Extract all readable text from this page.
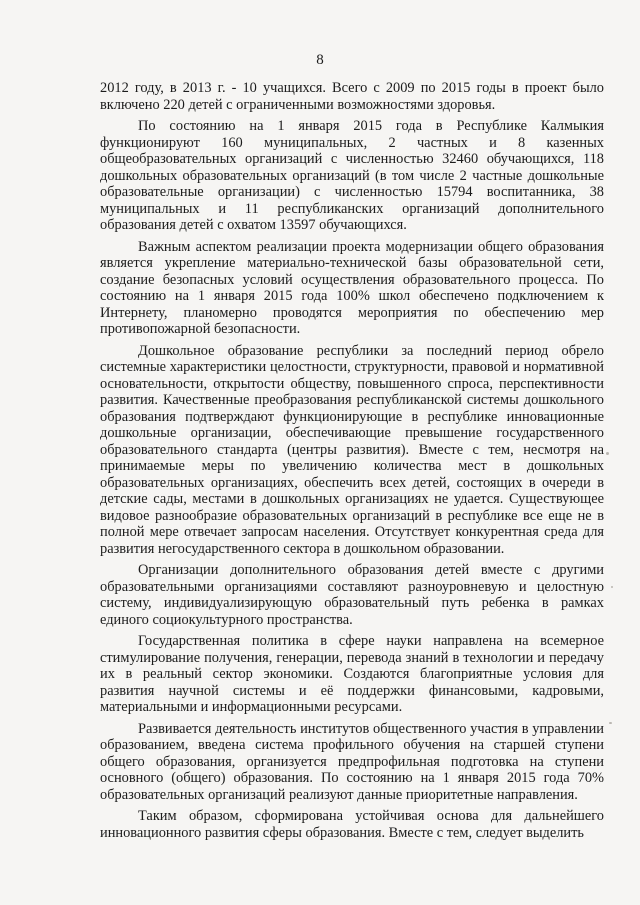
8

2012 году, в 2013 г. - 10 учащихся. Всего с 2009 по 2015 годы в проект было включено 220 детей с ограниченными возможностями здоровья.

По состоянию на 1 января 2015 года в Республике Калмыкия функционируют 160 муниципальных, 2 частных и 8 казенных общеобразовательных организаций с численностью 32460 обучающихся, 118 дошкольных образовательных организаций (в том числе 2 частные дошкольные образовательные организации) с численностью 15794 воспитанника, 38 муниципальных и 11 республиканских организаций дополнительного образования детей с охватом 13597 обучающихся.

Важным аспектом реализации проекта модернизации общего образования является укрепление материально-технической базы образовательной сети, создание безопасных условий осуществления образовательного процесса. По состоянию на 1 января 2015 года 100% школ обеспечено подключением к Интернету, планомерно проводятся мероприятия по обеспечению мер противопожарной безопасности.

Дошкольное образование республики за последний период обрело системные характеристики целостности, структурности, правовой и нормативной основательности, открытости обществу, повышенного спроса, перспективности развития. Качественные преобразования республиканской системы дошкольного образования подтверждают функционирующие в республике инновационные дошкольные организации, обеспечивающие превышение государственного образовательного стандарта (центры развития). Вместе с тем, несмотря на принимаемые меры по увеличению количества мест в дошкольных образовательных организациях, обеспечить всех детей, состоящих в очереди в детские сады, местами в дошкольных организациях не удается. Существующее видовое разнообразие образовательных организаций в республике все еще не в полной мере отвечает запросам населения. Отсутствует конкурентная среда для развития негосударственного сектора в дошкольном образовании.

Организации дополнительного образования детей вместе с другими образовательными организациями составляют разноуровневую и целостную систему, индивидуализирующую образовательный путь ребенка в рамках единого социокультурного пространства.

Государственная политика в сфере науки направлена на всемерное стимулирование получения, генерации, перевода знаний в технологии и передачу их в реальный сектор экономики. Создаются благоприятные условия для развития научной системы и её поддержки финансовыми, кадровыми, материальными и информационными ресурсами.

Развивается деятельность институтов общественного участия в управлении образованием, введена система профильного обучения на старшей ступени общего образования, организуется предпрофильная подготовка на ступени основного (общего) образования. По состоянию на 1 января 2015 года 70% образовательных организаций реализуют данные приоритетные направления.

Таким образом, сформирована устойчивая основа для дальнейшего инновационного развития сферы образования. Вместе с тем, следует выделить
